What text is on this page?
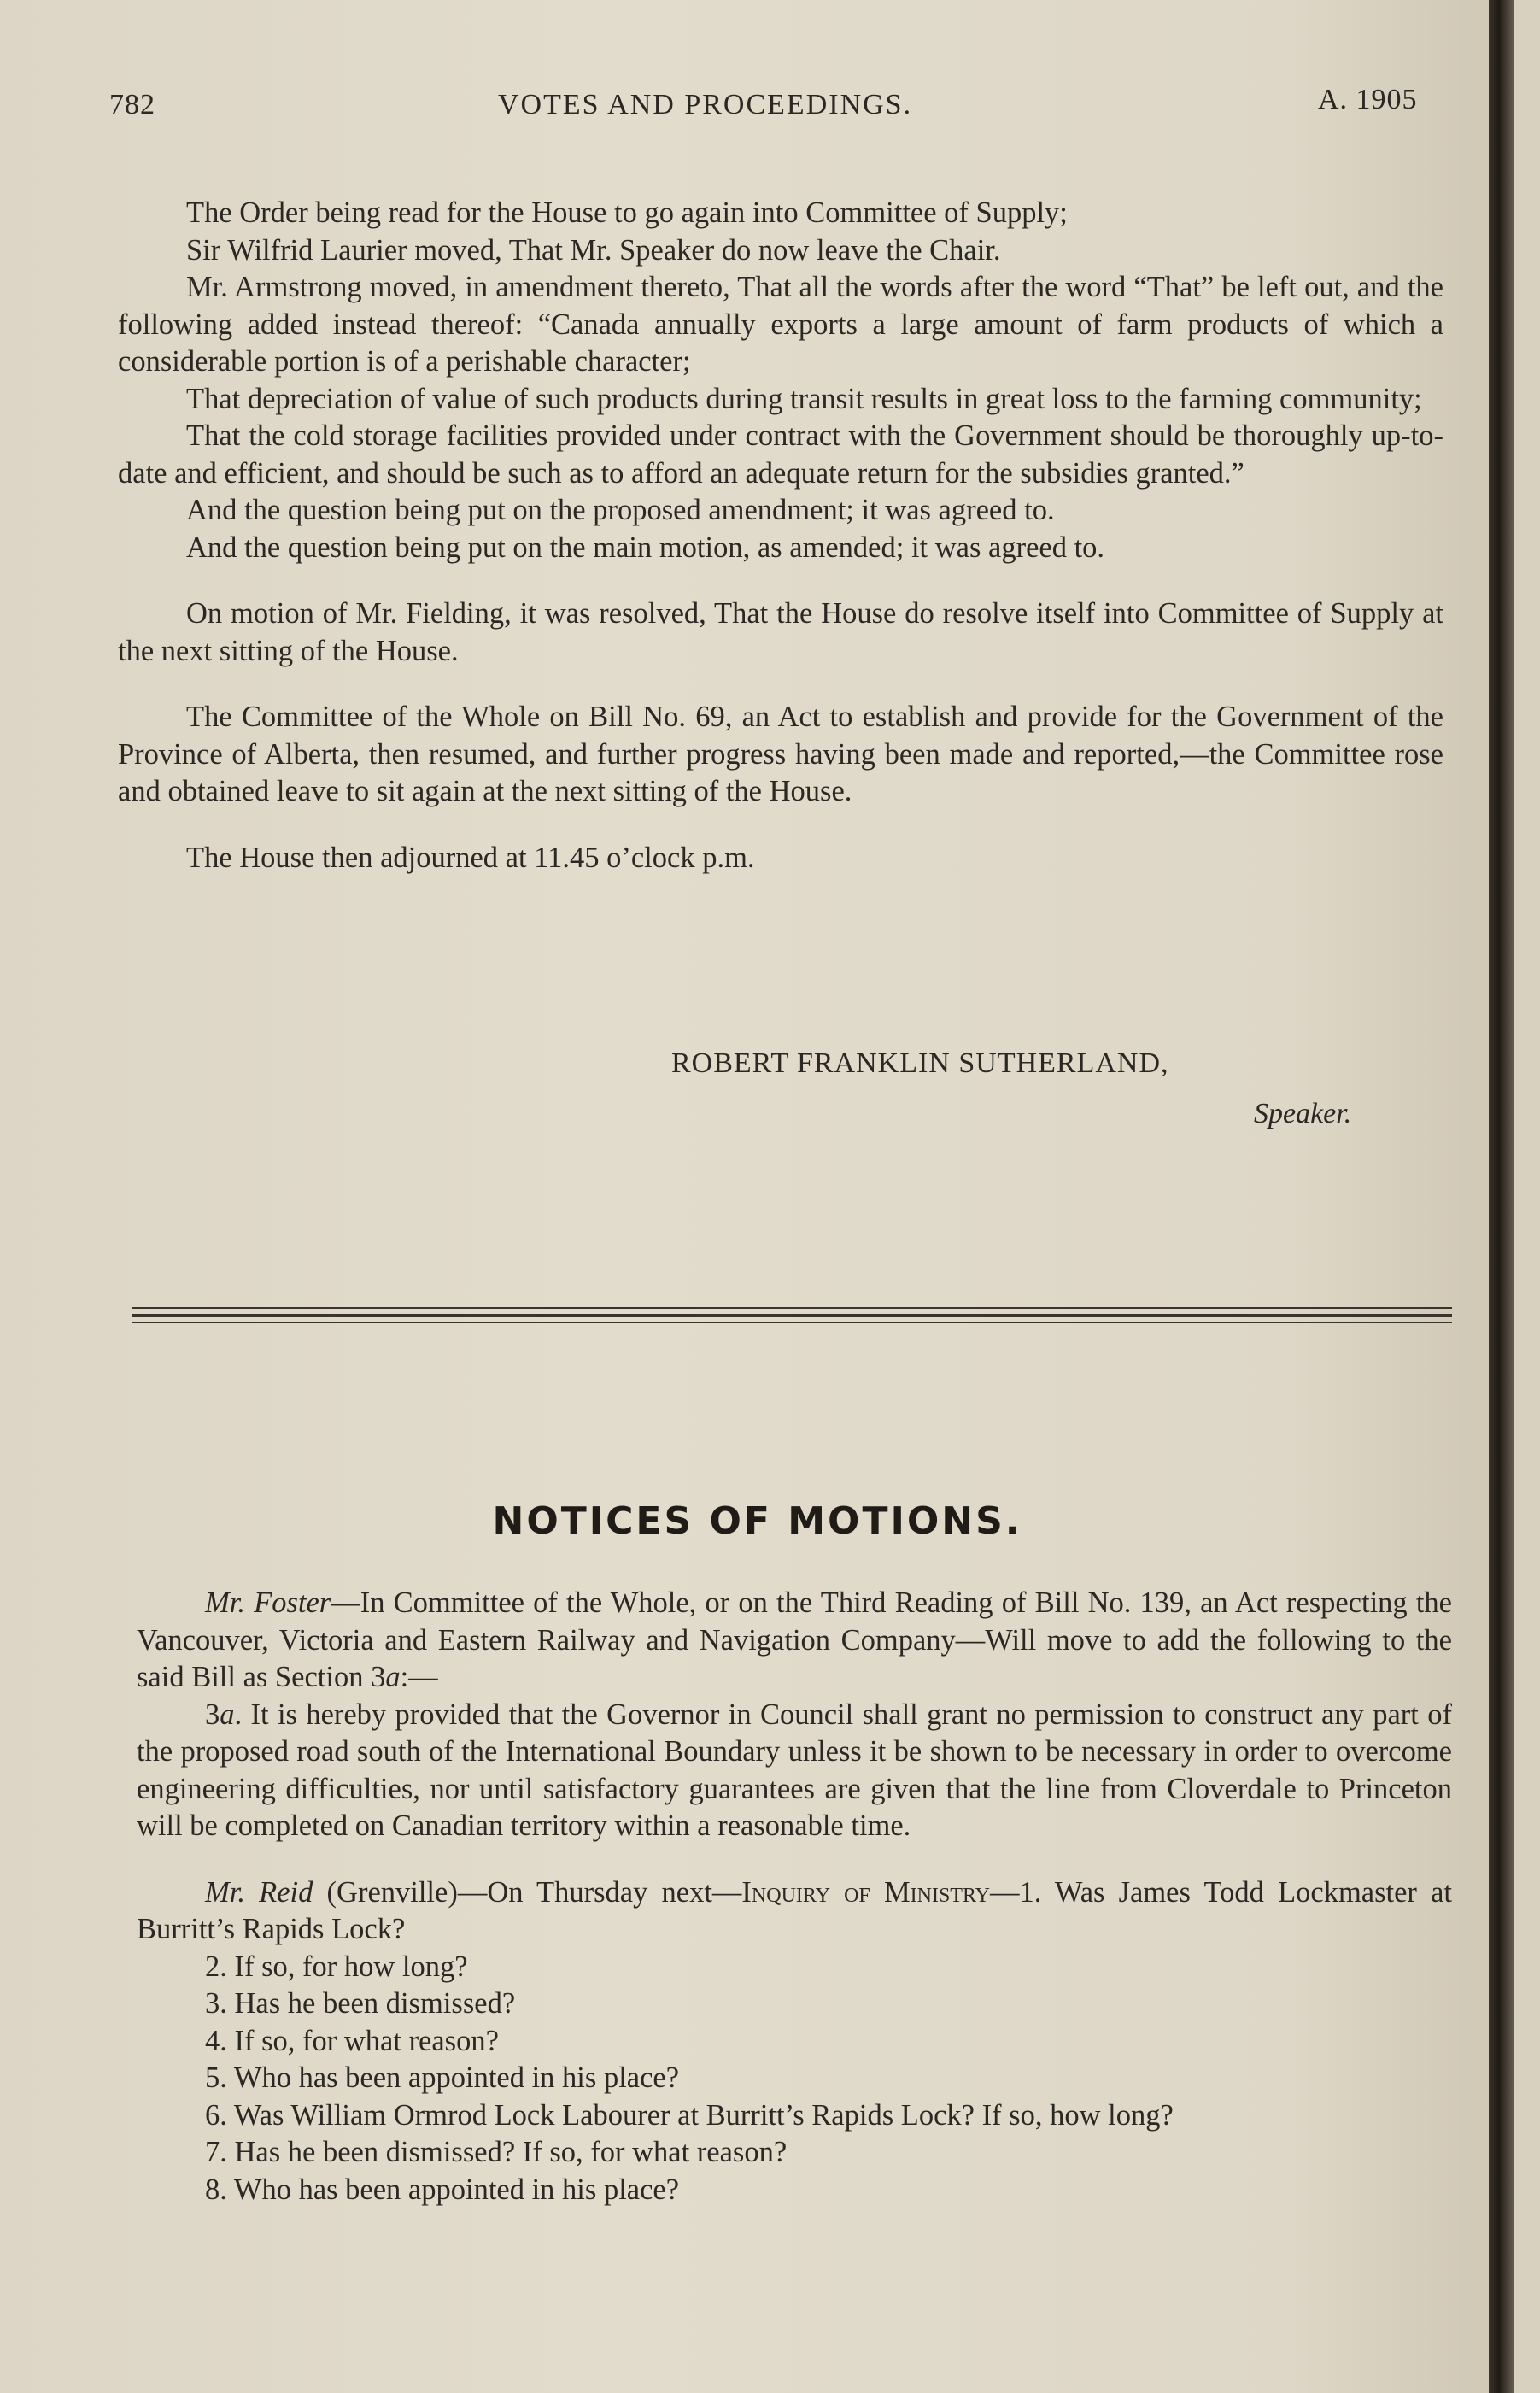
782	VOTES AND PROCEEDINGS.	A. 1905

The Order being read for the House to go again into Committee of Supply;

Sir Wilfrid Laurier moved, That Mr. Speaker do now leave the Chair.

Mr. Armstrong moved, in amendment thereto, That all the words after the word “That” be left out, and the following added instead thereof: “Canada annually exports a large amount of farm products of which a considerable portion is of a perishable character;

That depreciation of value of such products during transit results in great loss to the farming community;

That the cold storage facilities provided under contract with the Government should be thoroughly up-to-date and efficient, and should be such as to afford an adequate return for the subsidies granted.”

And the question being put on the proposed amendment; it was agreed to.

And the question being put on the main motion, as amended; it was agreed to.

On motion of Mr. Fielding, it was resolved, That the House do resolve itself into Committee of Supply at the next sitting of the House.

The Committee of the Whole on Bill No. 69, an Act to establish and provide for the Government of the Province of Alberta, then resumed, and further progress having been made and reported,—the Committee rose and obtained leave to sit again at the next sitting of the House.

The House then adjourned at 11.45 o’clock p.m.

ROBERT FRANKLIN SUTHERLAND,
Speaker.
NOTICES OF MOTIONS.

Mr. Foster—In Committee of the Whole, or on the Third Reading of Bill No. 139, an Act respecting the Vancouver, Victoria and Eastern Railway and Navigation Company—Will move to add the following to the said Bill as Section 3a:—

3a. It is hereby provided that the Governor in Council shall grant no permission to construct any part of the proposed road south of the International Boundary unless it be shown to be necessary in order to overcome engineering difficulties, nor until satisfactory guarantees are given that the line from Cloverdale to Princeton will be completed on Canadian territory within a reasonable time.

Mr. Reid (Grenville)—On Thursday next—Inquiry of Ministry—1. Was James Todd Lockmaster at Burritt’s Rapids Lock?

2. If so, for how long?
3. Has he been dismissed?
4. If so, for what reason?
5. Who has been appointed in his place?
6. Was William Ormrod Lock Labourer at Burritt’s Rapids Lock? If so, how long?
7. Has he been dismissed? If so, for what reason?
8. Who has been appointed in his place?
